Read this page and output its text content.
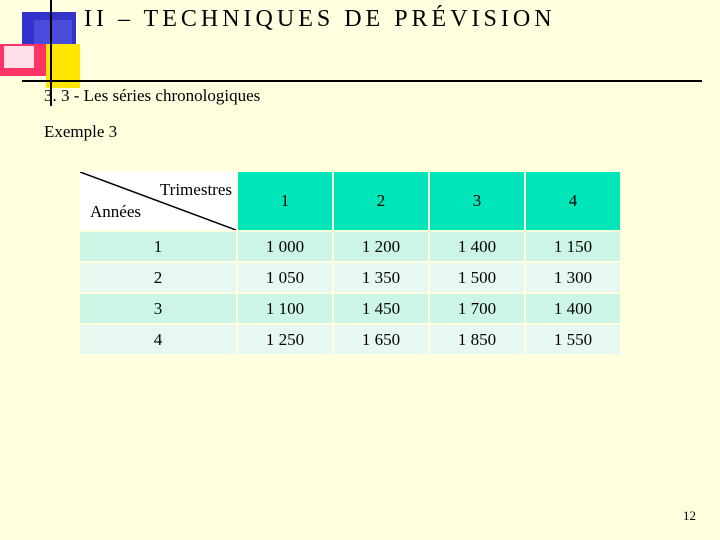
II – TECHNIQUES DE PRÉVISION
3. 3 - Les séries chronologiques
Exemple 3
Trimestres
Années	1	2	3	4
1	1 000	1 200	1 400	1 150
2	1 050	1 350	1 500	1 300
3	1 100	1 450	1 700	1 400
4	1 250	1 650	1 850	1 550
12
